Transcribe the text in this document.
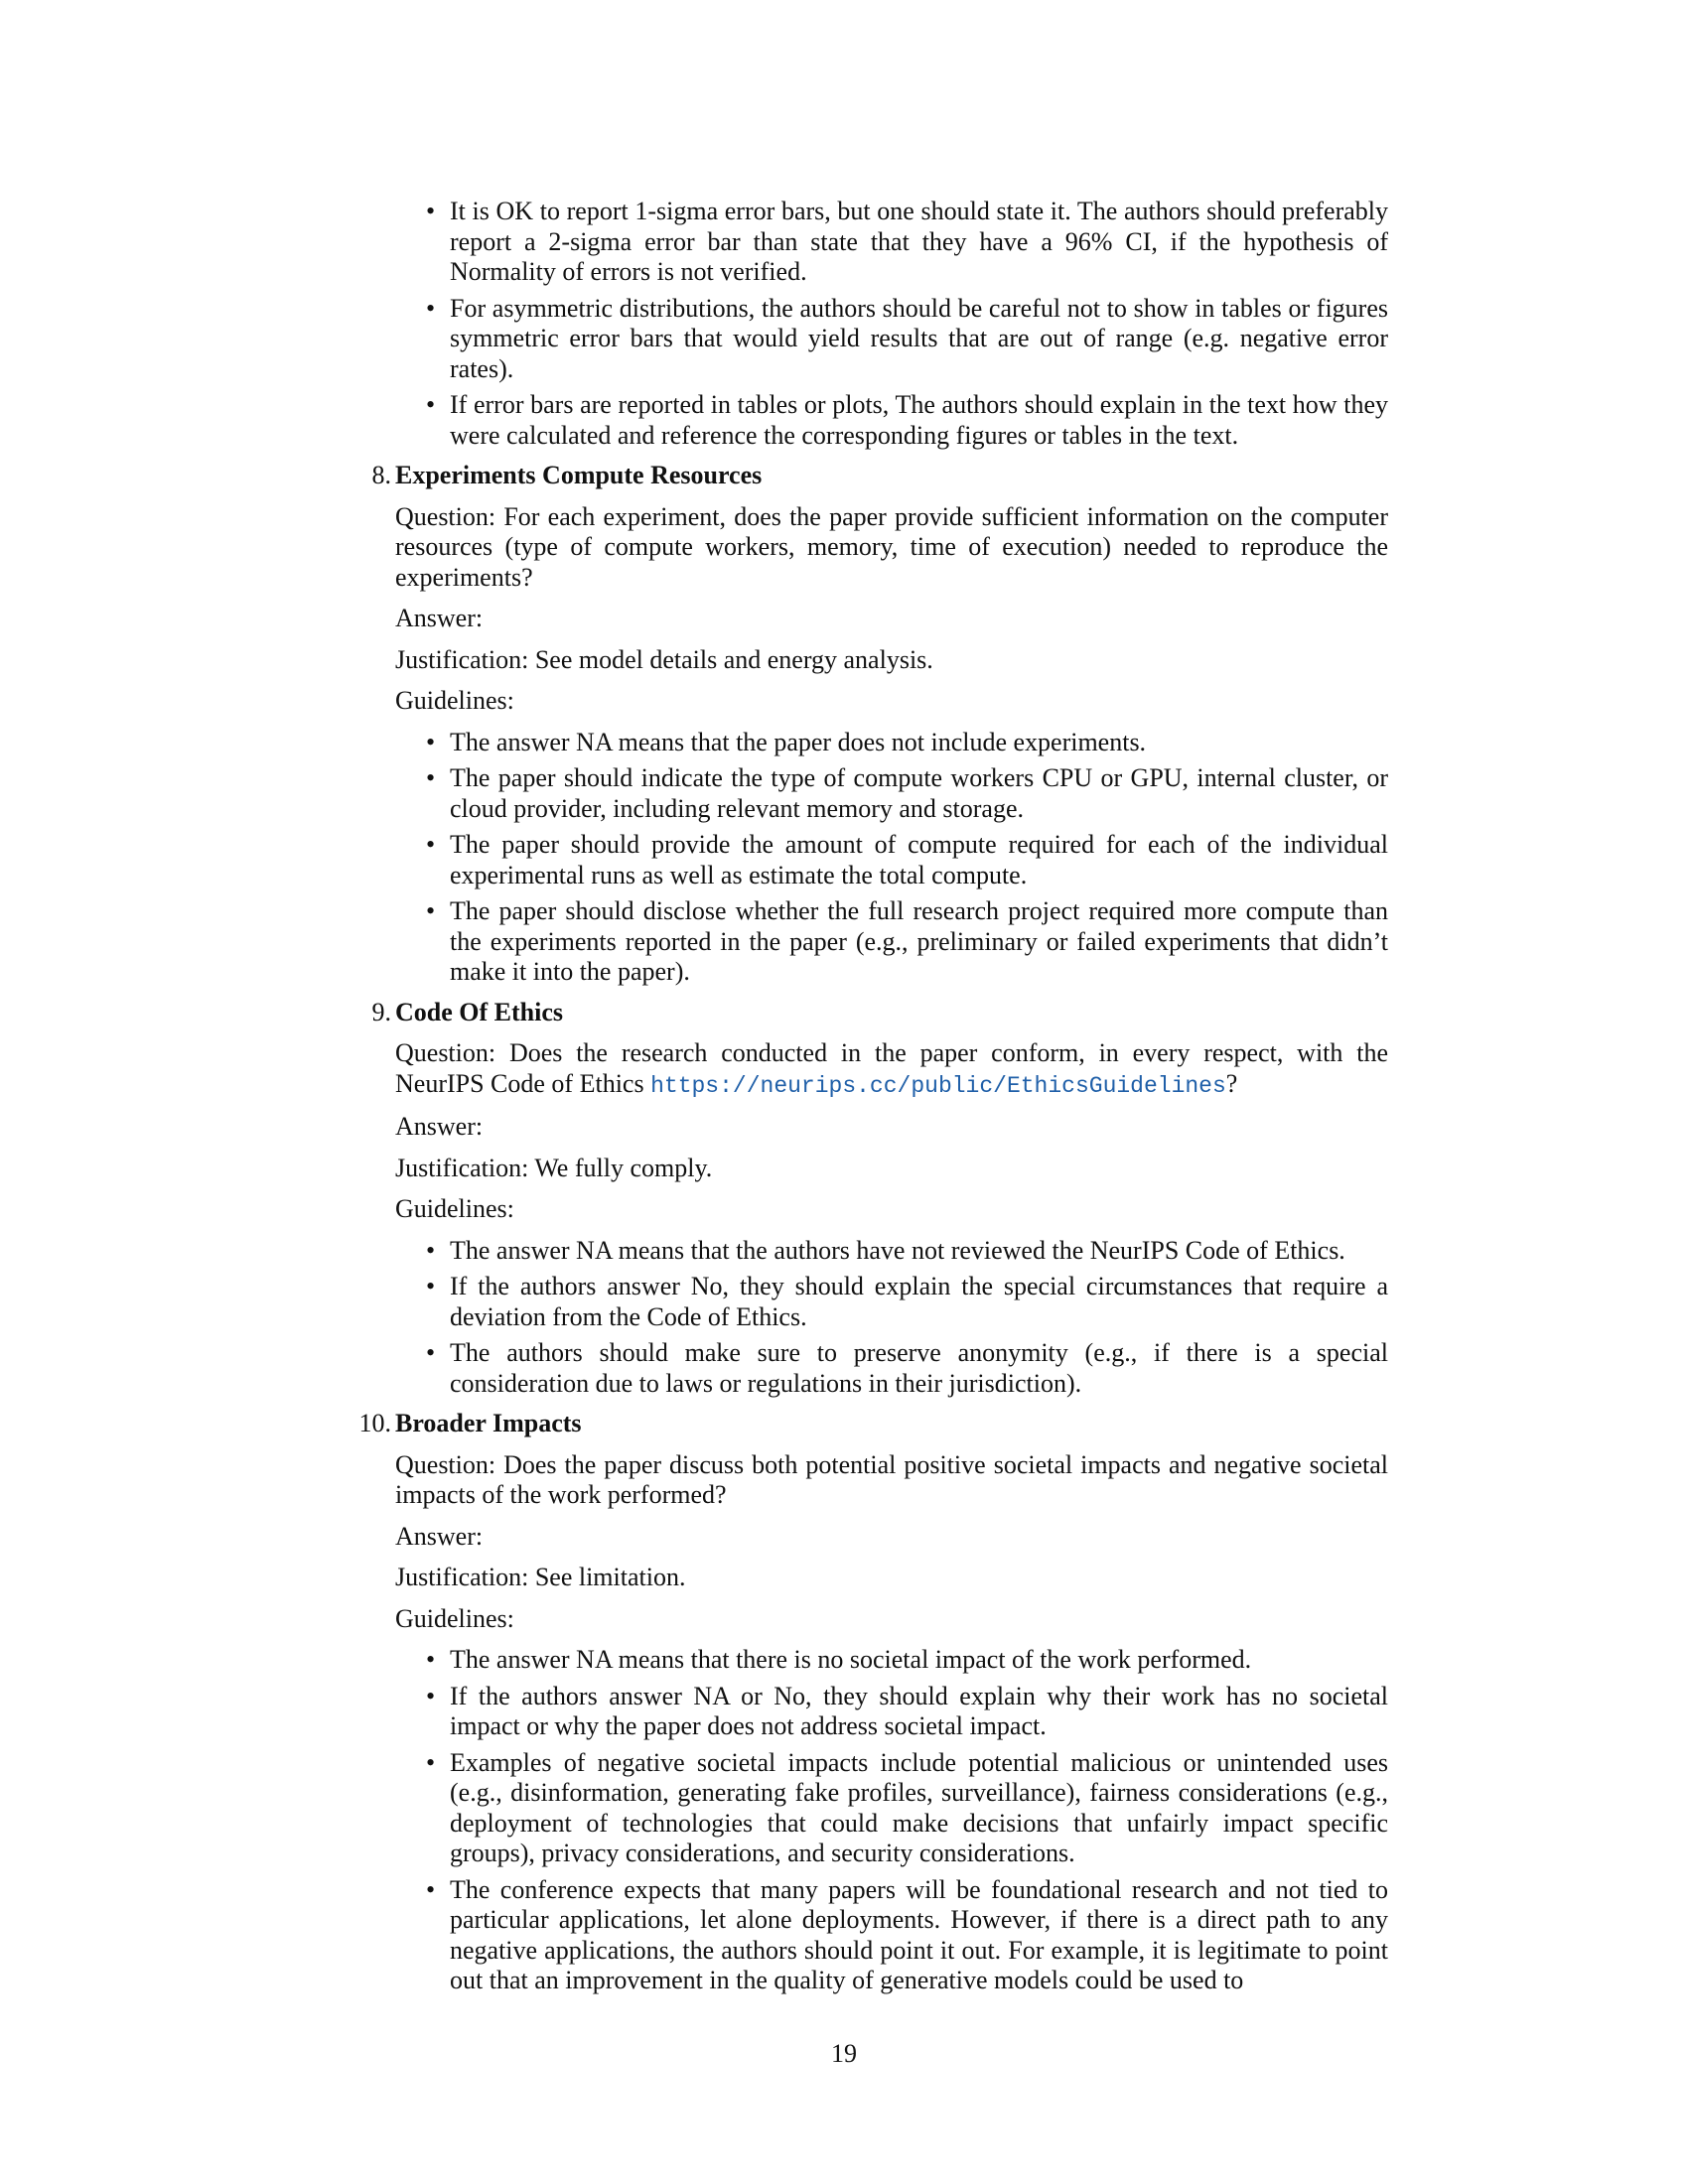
• It is OK to report 1-sigma error bars, but one should state it. The authors should preferably report a 2-sigma error bar than state that they have a 96% CI, if the hypothesis of Normality of errors is not verified.
• For asymmetric distributions, the authors should be careful not to show in tables or figures symmetric error bars that would yield results that are out of range (e.g. negative error rates).
• If error bars are reported in tables or plots, The authors should explain in the text how they were calculated and reference the corresponding figures or tables in the text.
8. Experiments Compute Resources
Question: For each experiment, does the paper provide sufficient information on the computer resources (type of compute workers, memory, time of execution) needed to reproduce the experiments?
Answer:
Justification: See model details and energy analysis.
Guidelines:
• The answer NA means that the paper does not include experiments.
• The paper should indicate the type of compute workers CPU or GPU, internal cluster, or cloud provider, including relevant memory and storage.
• The paper should provide the amount of compute required for each of the individual experimental runs as well as estimate the total compute.
• The paper should disclose whether the full research project required more compute than the experiments reported in the paper (e.g., preliminary or failed experiments that didn’t make it into the paper).
9. Code Of Ethics
Question: Does the research conducted in the paper conform, in every respect, with the NeurIPS Code of Ethics https://neurips.cc/public/EthicsGuidelines?
Answer:
Justification: We fully comply.
Guidelines:
• The answer NA means that the authors have not reviewed the NeurIPS Code of Ethics.
• If the authors answer No, they should explain the special circumstances that require a deviation from the Code of Ethics.
• The authors should make sure to preserve anonymity (e.g., if there is a special consideration due to laws or regulations in their jurisdiction).
10. Broader Impacts
Question: Does the paper discuss both potential positive societal impacts and negative societal impacts of the work performed?
Answer:
Justification: See limitation.
Guidelines:
• The answer NA means that there is no societal impact of the work performed.
• If the authors answer NA or No, they should explain why their work has no societal impact or why the paper does not address societal impact.
• Examples of negative societal impacts include potential malicious or unintended uses (e.g., disinformation, generating fake profiles, surveillance), fairness considerations (e.g., deployment of technologies that could make decisions that unfairly impact specific groups), privacy considerations, and security considerations.
• The conference expects that many papers will be foundational research and not tied to particular applications, let alone deployments. However, if there is a direct path to any negative applications, the authors should point it out. For example, it is legitimate to point out that an improvement in the quality of generative models could be used to
19
